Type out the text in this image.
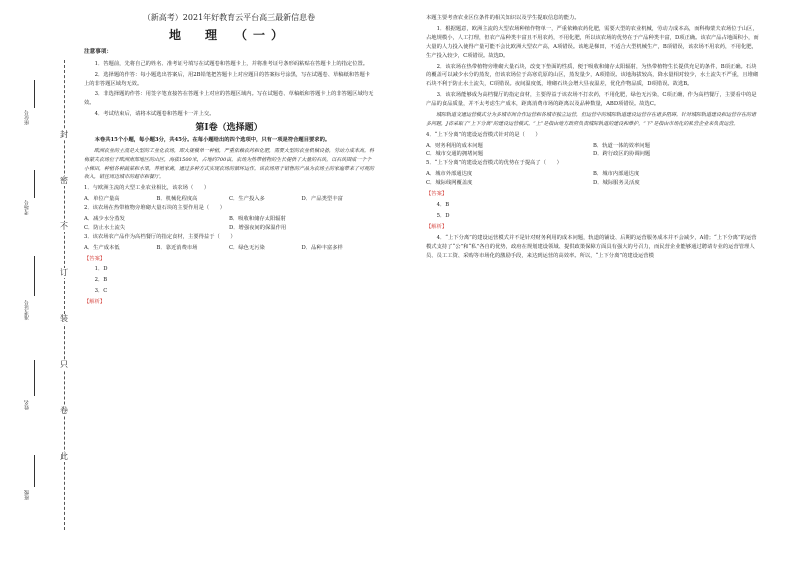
封
密
不
订
装
只
卷
此
座位号
考场号
准考证号
姓名
班级
（新高考）2021年好教育云平台高三最新信息卷
地　理　（一）
注意事项：

1．答题前，先将自己的姓名、准考证号填写在试题卷和答题卡上，并将准考证号条形码粘贴在答题卡上的指定位置。

2．选择题的作答：每小题选出答案后，用2B铅笔把答题卡上对应题目的答案标号涂黑，写在试题卷、草稿纸和答题卡上的非答题区域均无效。

3．非选择题的作答：用签字笔直接答在答题卡上对应的答题区域内。写在试题卷、草稿纸和答题卡上的非答题区域均无效。

4．考试结束后，请将本试题卷和答题卡一并上交。

第Ⅰ卷（选择题）

本卷共15个小题，每小题3分，共45分。在每小题给出的四个选项中，只有一项是符合题目要求的。

欧洲农业的主流是大型的工业化农场，即大规模单一种植，严重依赖农药和化肥，需要大型的农业机械设备，劳动力成本高。科梅蒙夫农场位于欧洲南部地区的山区，海拔1500米，占地约700亩。农场为热带植物的生长提供了大量的石块，以石块围成一个个小梯田，种植各种蔬菜和水果，养殖家禽，通过多种方式实现农场的循环运作。该农场用于销售的产品为农场主的家庭带来了可观的收入，销往周边城市的超市和餐厅。

1．与欧洲主流的大型工业农业相比，该农场（　　）

A．单位产量高	B．机械化程度高	C．生产投入多	D．产品类型丰富

2．该农场在热带植物旁堆砌大量石块的主要作用是（　　）

A．减少水分蒸发	B．吸收和储存太阳辐射
C．防止水土流失	D．增强夜间的保温作用

3．该农场农产品作为高档餐厅的指定食材，主要得益于（　　）

A．生产成本低	B．靠近消费市场	C．绿色无污染	D．品种丰富多样
【答案】

1．D

2．B

3．C

【解析】

本题主要考查农业区位条件的相关知识以及学生提取信息的能力。

1．根据题意，欧洲主流的大型农场种植作物单一，严重依赖农药化肥，需要大型的农业机械，劳动力成本高，而科梅蒙夫农场位于山区，占地规模小，人工打理，但农产品种类丰富且不用农药，不用化肥，所以该农场的优势在于产品种类丰富，D项正确。该农产品占地面积小，而大量的人力投入使得产量可能不会比欧洲大型农产高，A项错误。该地是梯田，不适合大型机械生产，B项错误，该农场不用农药，不用化肥，生产投入较少，C项错误。故选D。

2．该农场在热带植物旁堆砌大量石块，改变下垫面的性质，便于吸收和储存太阳辐射，为热带植物生长提供充足的条件，B项正确。石块的覆盖可以减少水分的蒸发，但该农场位于高寒荒原的山区，蒸发量少，A项错误。该地海拔较高，降水量相对较少，水土流失不严重，且堆砌石块不利于防止水土流失，C项错误。夜间温度低，堆砌石块会增大昼夜温差，优化作物品质，D项错误。故选B。

3．该农场能够成为高档餐厅的指定食材，主要得益于该农场不打农药，不用化肥，绿色无污染，C项正确，作为高档餐厅，主要看中的是产品的食品质量，并不太考虑生产成本，距离消费市场的距离以及品种数量，ABD项错误。故选C。

城际轨道交通运营模式分为多城市间合作运营和各城市独立运营，但运营中的城际轨道建设运营存在诸多阻碍。针对城际轨道建设和运营存在的诸多问题，J省采取了“上下分离”的建设运营模式。“上”是指由地方政府负责城际轨道的建设和维护，“下”是指由市场化的私营企业来负责运营。

4．“上下分离”的建设运营模式针对的是（　　）

A．财务利用的成本问题	B．轨道一体的效率问题
C．城市交通的拥堵问题	D．跨行政区的协调问题

5．“上下分离”的建设运营模式的优势在于提高了（　　）

A．城市外部通达度	B．城市内部通达度
C．城际线网覆盖度	D．城际服务灵活度
【答案】

4．B

5．D

【解析】

4．“上下分离”的建设运营模式并不是针对财务利用的成本问题，轨道的铺设、后期的运营服务成本并不会减少，A错；“上下分离”的运营模式支持了“公”和“私”各自的优势，政府在规划建设领域、提供政策保障方面具有强大的号召力，而民营企业能够通过聘请专业的运营管理人员、员工工资、采购等市场化的激励手段，来达到运营的高效率。所以，“上下分离”的建设运营模
